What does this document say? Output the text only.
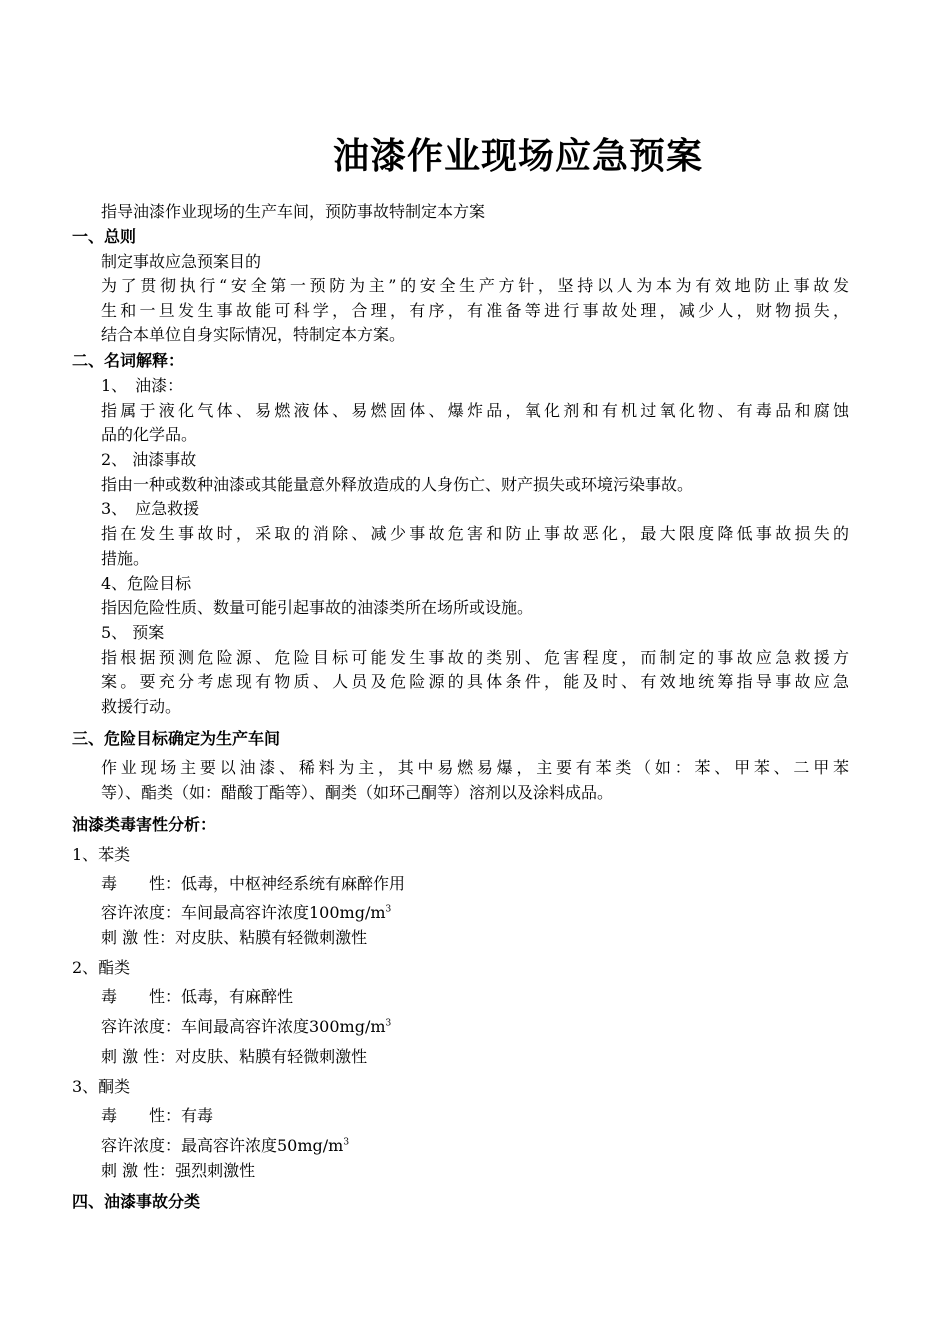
油漆作业现场应急预案
指导油漆作业现场的生产车间，预防事故特制定本方案
一、总则
制定事故应急预案目的
为了贯彻执行“安全第一预防为主”的安全生产方针，坚持以人为本为有效地防止事故发
生和一旦发生事故能可科学，合理，有序，有准备等进行事故处理，减少人，财物损失，
结合本单位自身实际情况，特制定本方案。
二、名词解释：
1、　油漆：
指属于液化气体、易燃液体、易燃固体、爆炸品，氧化剂和有机过氧化物、有毒品和腐蚀
品的化学品。
2、 油漆事故
指由一种或数种油漆或其能量意外释放造成的人身伤亡、财产损失或环境污染事故。
3、　应急救援
指在发生事故时，采取的消除、减少事故危害和防止事故恶化，最大限度降低事故损失的
措施。
4、危险目标
指因危险性质、数量可能引起事故的油漆类所在场所或设施。
5、 预案
指根据预测危险源、危险目标可能发生事故的类别、危害程度，而制定的事故应急救援方
案。要充分考虑现有物质、人员及危险源的具体条件，能及时、有效地统筹指导事故应急
救援行动。
三、危险目标确定为生产车间
作业现场主要以油漆、稀料为主，其中易燃易爆，主要有苯类（如：苯、甲苯、二甲苯
等）、酯类（如：醋酸丁酯等）、酮类（如环己酮等）溶剂以及涂料成品。
油漆类毒害性分析：
1、苯类
毒　　性：低毒，中枢神经系统有麻醉作用
容许浓度：车间最高容许浓度$100mg/m^3$
刺 激 性：对皮肤、粘膜有轻微刺激性
2、酯类
毒　　性：低毒，有麻醉性
容许浓度：车间最高容许浓度$300mg/m^3$
刺 激 性：对皮肤、粘膜有轻微刺激性
3、酮类
毒　　性：有毒
容许浓度：最高容许浓度$50mg/m^3$
刺 激 性：强烈刺激性
四、油漆事故分类
